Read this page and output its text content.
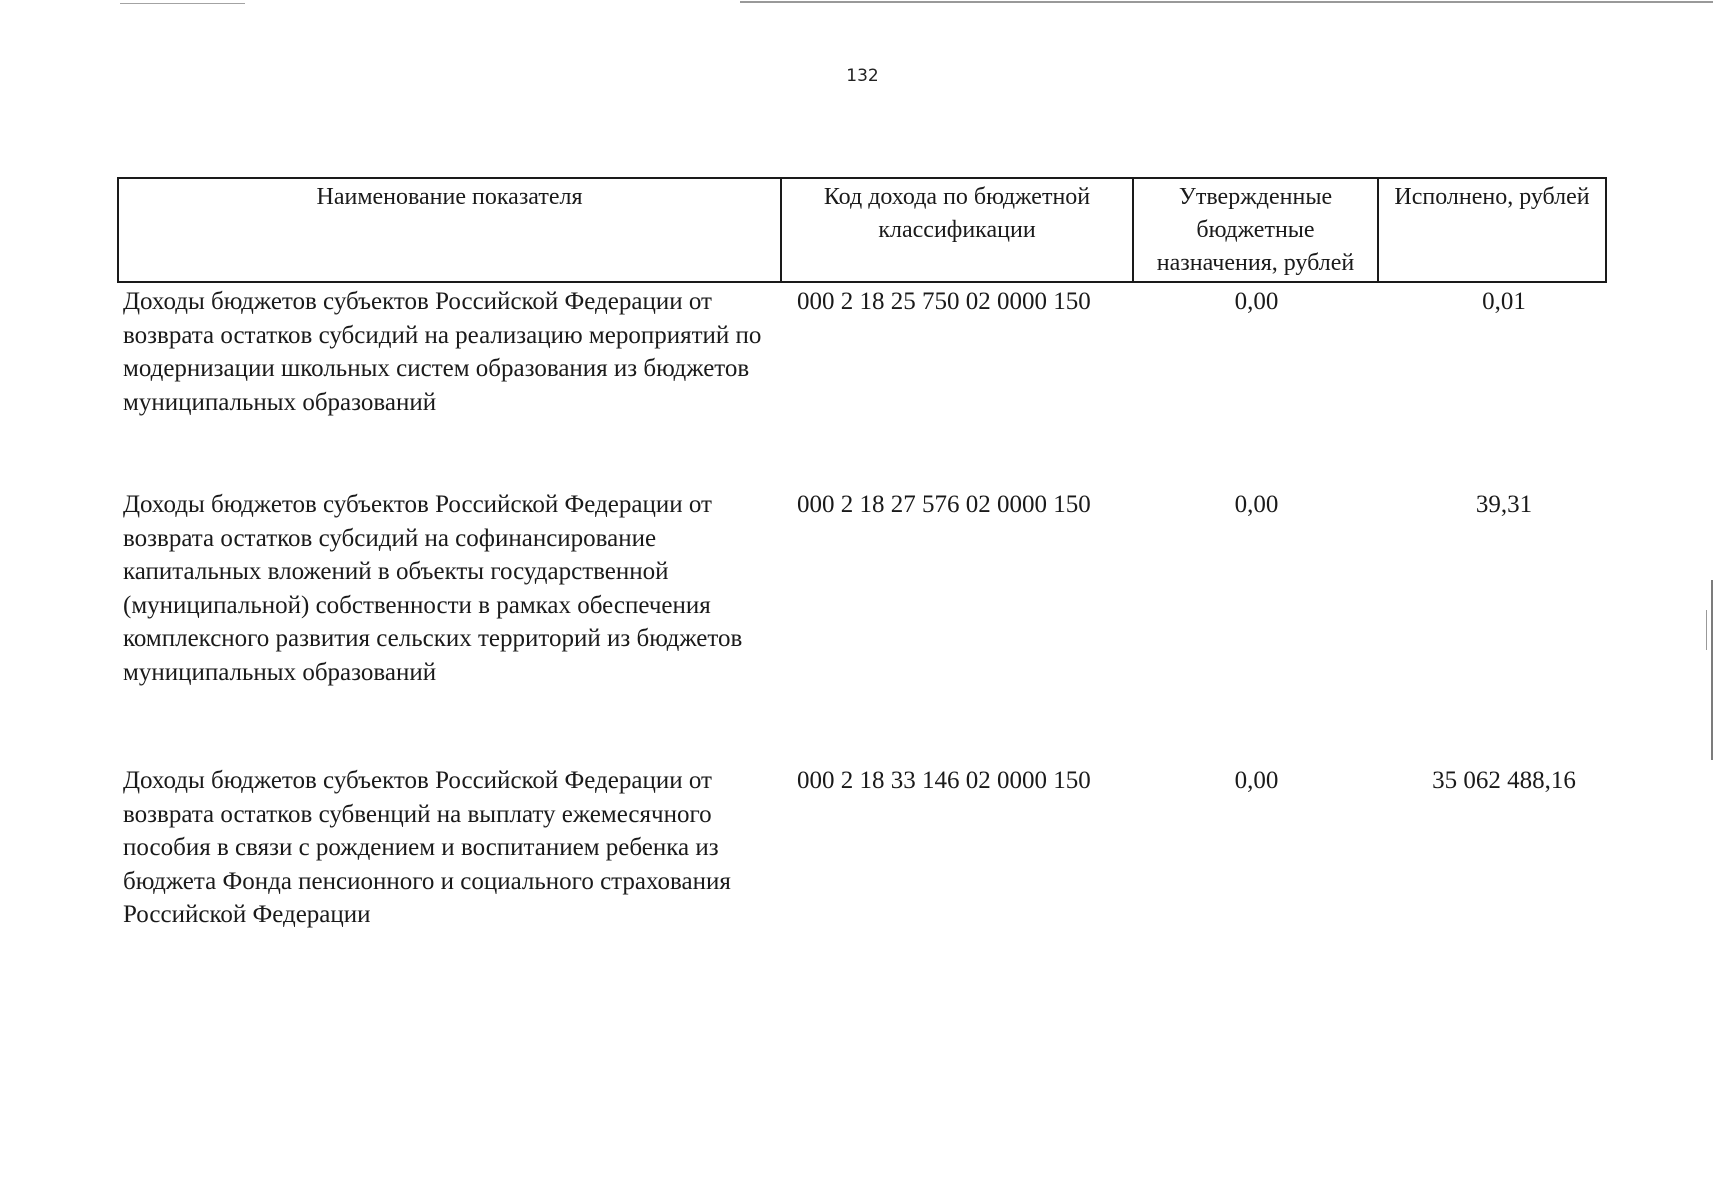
132
Наименование показателя	Код дохода по бюджетной классификации	Утвержденные бюджетные назначения, рублей	Исполнено, рублей
Доходы бюджетов субъектов Российской Федерации от возврата остатков субсидий на реализацию мероприятий по модернизации школьных систем образования из бюджетов муниципальных образований	000 2 18 25 750 02 0000 150	0,00	0,01
Доходы бюджетов субъектов Российской Федерации от возврата остатков субсидий на софинансирование капитальных вложений в объекты государственной (муниципальной) собственности в рамках обеспечения комплексного развития сельских территорий из бюджетов муниципальных образований	000 2 18 27 576 02 0000 150	0,00	39,31
Доходы бюджетов субъектов Российской Федерации от возврата остатков субвенций на выплату ежемесячного пособия в связи с рождением и воспитанием ребенка из бюджета Фонда пенсионного и социального страхования Российской Федерации	000 2 18 33 146 02 0000 150	0,00	35 062 488,16
